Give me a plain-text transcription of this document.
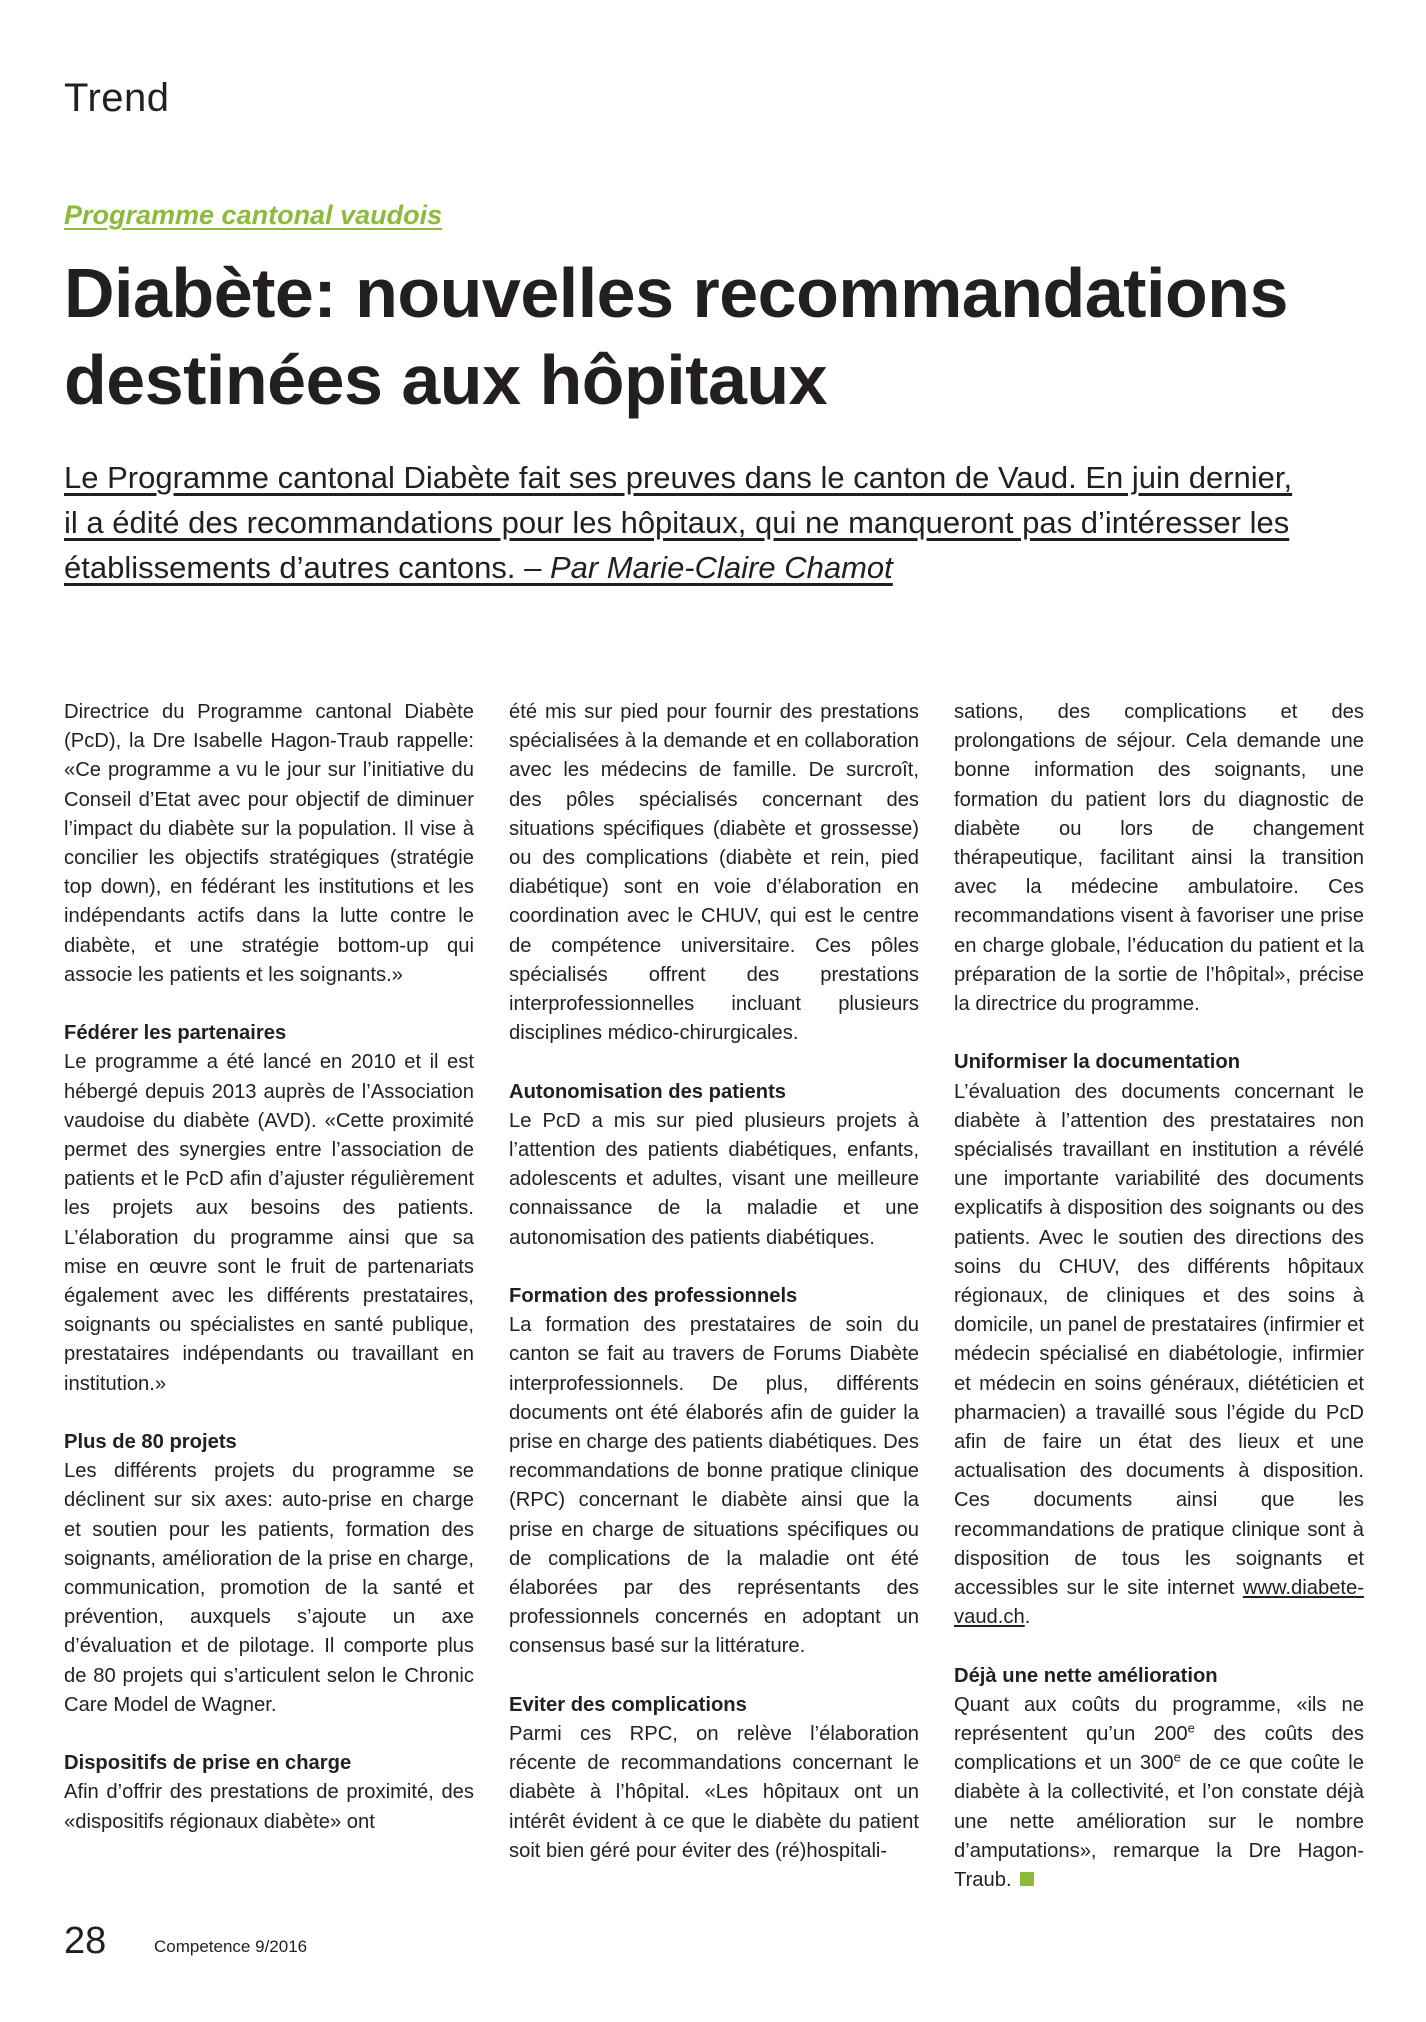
Trend
Programme cantonal vaudois
Diabète: nouvelles recommandations destinées aux hôpitaux

Le Programme cantonal Diabète fait ses preuves dans le canton de Vaud. En juin dernier,
il a édité des recommandations pour les hôpitaux, qui ne manqueront pas d’intéresser les
établissements d’autres cantons. – Par Marie-Claire Chamot

Directrice du Programme cantonal Diabète (PcD), la Dre Isabelle Hagon-Traub rappelle: «Ce programme a vu le jour sur l’initiative du Conseil d’Etat avec pour objectif de diminuer l’impact du diabète sur la population. Il vise à concilier les objectifs stratégiques (stratégie top down), en fédérant les institutions et les indépendants actifs dans la lutte contre le diabète, et une stratégie bottom-up qui associe les patients et les soignants.»

Fédérer les partenaires

Le programme a été lancé en 2010 et il est hébergé depuis 2013 auprès de l’Association vaudoise du diabète (AVD). «Cette proximité permet des synergies entre l’association de patients et le PcD afin d’ajuster régulièrement les projets aux besoins des patients. L’élaboration du programme ainsi que sa mise en œuvre sont le fruit de partenariats également avec les différents prestataires, soignants ou spécialistes en santé publique, prestataires indépendants ou travaillant en institution.»

Plus de 80 projets

Les différents projets du programme se déclinent sur six axes: auto-prise en charge et soutien pour les patients, formation des soignants, amélioration de la prise en charge, communication, promotion de la santé et prévention, auxquels s’ajoute un axe d’évaluation et de pilotage. Il comporte plus de 80 projets qui s’articulent selon le Chronic Care Model de Wagner.

Dispositifs de prise en charge

Afin d’offrir des prestations de proximité, des «dispositifs régionaux diabète» ont

été mis sur pied pour fournir des prestations spécialisées à la demande et en collaboration avec les médecins de famille. De surcroît, des pôles spécialisés concernant des situations spécifiques (diabète et grossesse) ou des complications (diabète et rein, pied diabétique) sont en voie d’élaboration en coordination avec le CHUV, qui est le centre de compétence universitaire. Ces pôles spécialisés offrent des prestations interprofessionnelles incluant plusieurs disciplines médico-chirurgicales.

Autonomisation des patients

Le PcD a mis sur pied plusieurs projets à l’attention des patients diabétiques, enfants, adolescents et adultes, visant une meilleure connaissance de la maladie et une autonomisation des patients diabétiques.

Formation des professionnels

La formation des prestataires de soin du canton se fait au travers de Forums Diabète interprofessionnels. De plus, différents documents ont été élaborés afin de guider la prise en charge des patients diabétiques. Des recommandations de bonne pratique clinique (RPC) concernant le diabète ainsi que la prise en charge de situations spécifiques ou de complications de la maladie ont été élaborées par des représentants des professionnels concernés en adoptant un consensus basé sur la littérature.

Eviter des complications

Parmi ces RPC, on relève l’élaboration récente de recommandations concernant le diabète à l’hôpital. «Les hôpitaux ont un intérêt évident à ce que le diabète du patient soit bien géré pour éviter des (ré)hospitali-

sations, des complications et des prolongations de séjour. Cela demande une bonne information des soignants, une formation du patient lors du diagnostic de diabète ou lors de changement thérapeutique, facilitant ainsi la transition avec la médecine ambulatoire. Ces recommandations visent à favoriser une prise en charge globale, l’éducation du patient et la préparation de la sortie de l’hôpital», précise la directrice du programme.

Uniformiser la documentation

L’évaluation des documents concernant le diabète à l’attention des prestataires non spécialisés travaillant en institution a révélé une importante variabilité des documents explicatifs à disposition des soignants ou des patients. Avec le soutien des directions des soins du CHUV, des différents hôpitaux régionaux, de cliniques et des soins à domicile, un panel de prestataires (infirmier et médecin spécialisé en diabétologie, infirmier et médecin en soins généraux, diététicien et pharmacien) a travaillé sous l’égide du PcD afin de faire un état des lieux et une actualisation des documents à disposition. Ces documents ainsi que les recommandations de pratique clinique sont à disposition de tous les soignants et accessibles sur le site internet www.diabete-vaud.ch.

Déjà une nette amélioration

Quant aux coûts du programme, «ils ne représentent qu’un 200e des coûts des complications et un 300e de ce que coûte le diabète à la collectivité, et l’on constate déjà une nette amélioration sur le nombre d’amputations», remarque la Dre Hagon-Traub.

28	Competence 9/2016
